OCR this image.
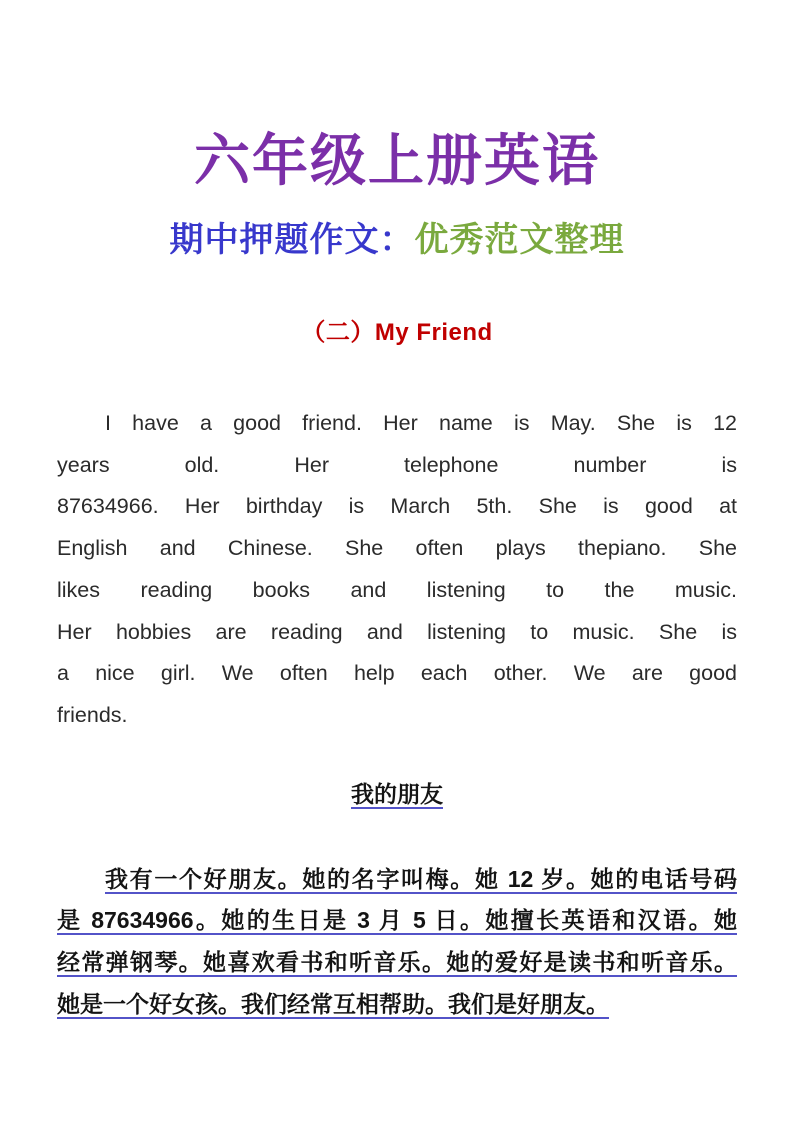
六年级上册英语
期中押题作文：优秀范文整理
（二）My Friend
I have a good friend. Her name is May. She is 12
years old. Her telephone number is
87634966. Her birthday is March 5th. She is good at
English and Chinese. She often plays thepiano. She
likes reading books and listening to the music.
Her hobbies are reading and listening to music. She is
a nice girl. We often help each other. We are good
friends.
我的朋友
我有一个好朋友。她的名字叫梅。她 12 岁。她的电话号码
是 87634966。她的生日是 3 月 5 日。她擅长英语和汉语。她
经常弹钢琴。她喜欢看书和听音乐。她的爱好是读书和听音乐。
她是一个好女孩。我们经常互相帮助。我们是好朋友。
